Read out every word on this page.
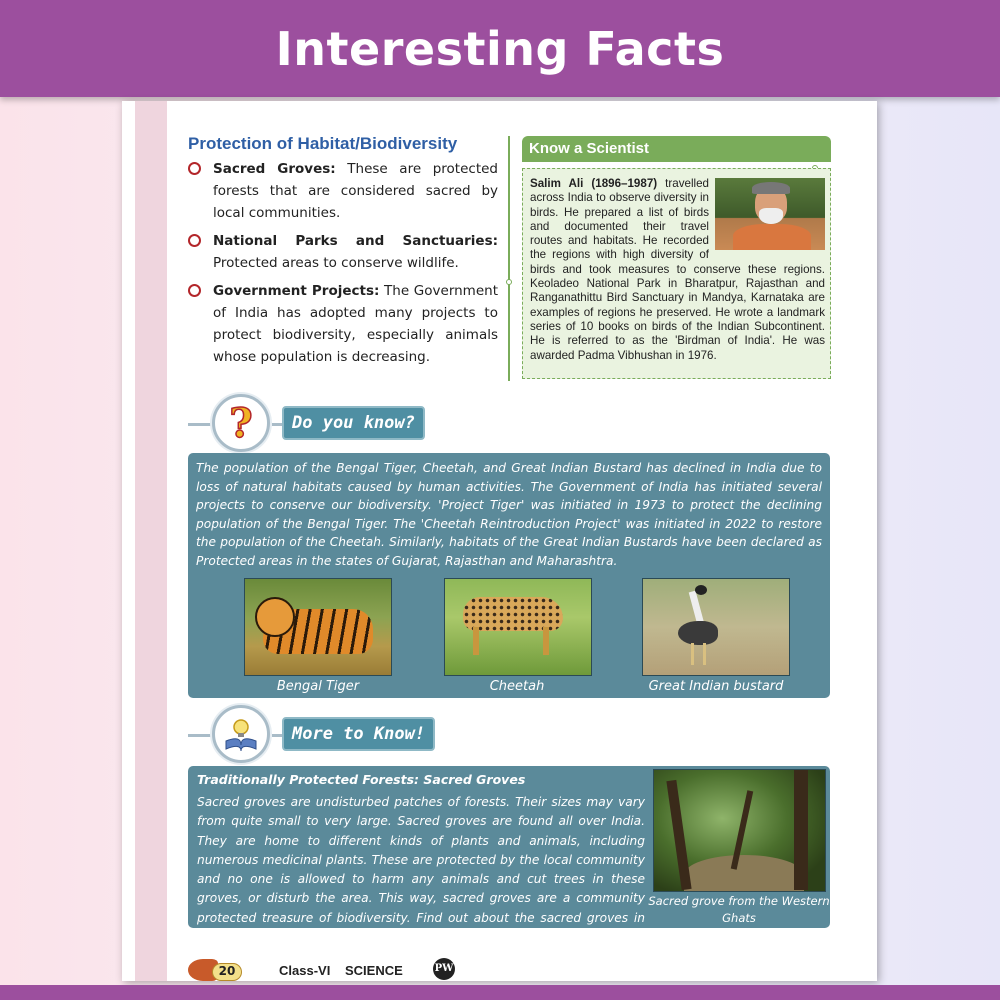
Interesting Facts
Protection of Habitat/Biodiversity
Sacred Groves: These are protected forests that are considered sacred by local communities.
National Parks and Sanctuaries: Protected areas to conserve wildlife.
Government Projects: The Government of India has adopted many projects to protect biodiversity, especially animals whose population is decreasing.
Know a Scientist
Salim Ali (1896–1987) travelled across India to observe diversity in birds. He prepared a list of birds and documented their travel routes and habitats. He recorded the regions with high diversity of birds and took measures to conserve these regions. Keoladeo National Park in Bharatpur, Rajasthan and Ranganathittu Bird Sanctuary in Mandya, Karnataka are examples of regions he preserved. He wrote a landmark series of 10 books on birds of the Indian Subcontinent. He is referred to as the 'Birdman of India'. He was awarded Padma Vibhushan in 1976.
?	Do you know?

The population of the Bengal Tiger, Cheetah, and Great Indian Bustard has declined in India due to loss of natural habitats caused by human activities. The Government of India has initiated several projects to conserve our biodiversity. 'Project Tiger' was initiated in 1973 to protect the declining population of the Bengal Tiger. The 'Cheetah Reintroduction Project' was initiated in 2022 to restore the population of the Cheetah. Similarly, habitats of the Great Indian Bustards have been declared as Protected areas in the states of Gujarat, Rajasthan and Maharashtra.

Bengal Tiger	Cheetah	Great Indian bustard
More to Know!
Traditionally Protected Forests: Sacred Groves

Sacred groves are undisturbed patches of forests. Their sizes may vary from quite small to very large. Sacred groves are found all over India. They are home to different kinds of plants and animals, including numerous medicinal plants. These are protected by the local community and no one is allowed to harm any animals and cut trees in these groves, or disturb the area. This way, sacred groves are a community protected treasure of biodiversity. Find out about the sacred groves in your region.

Sacred grove from the Western Ghats
20	Class-VI SCIENCE	PW
